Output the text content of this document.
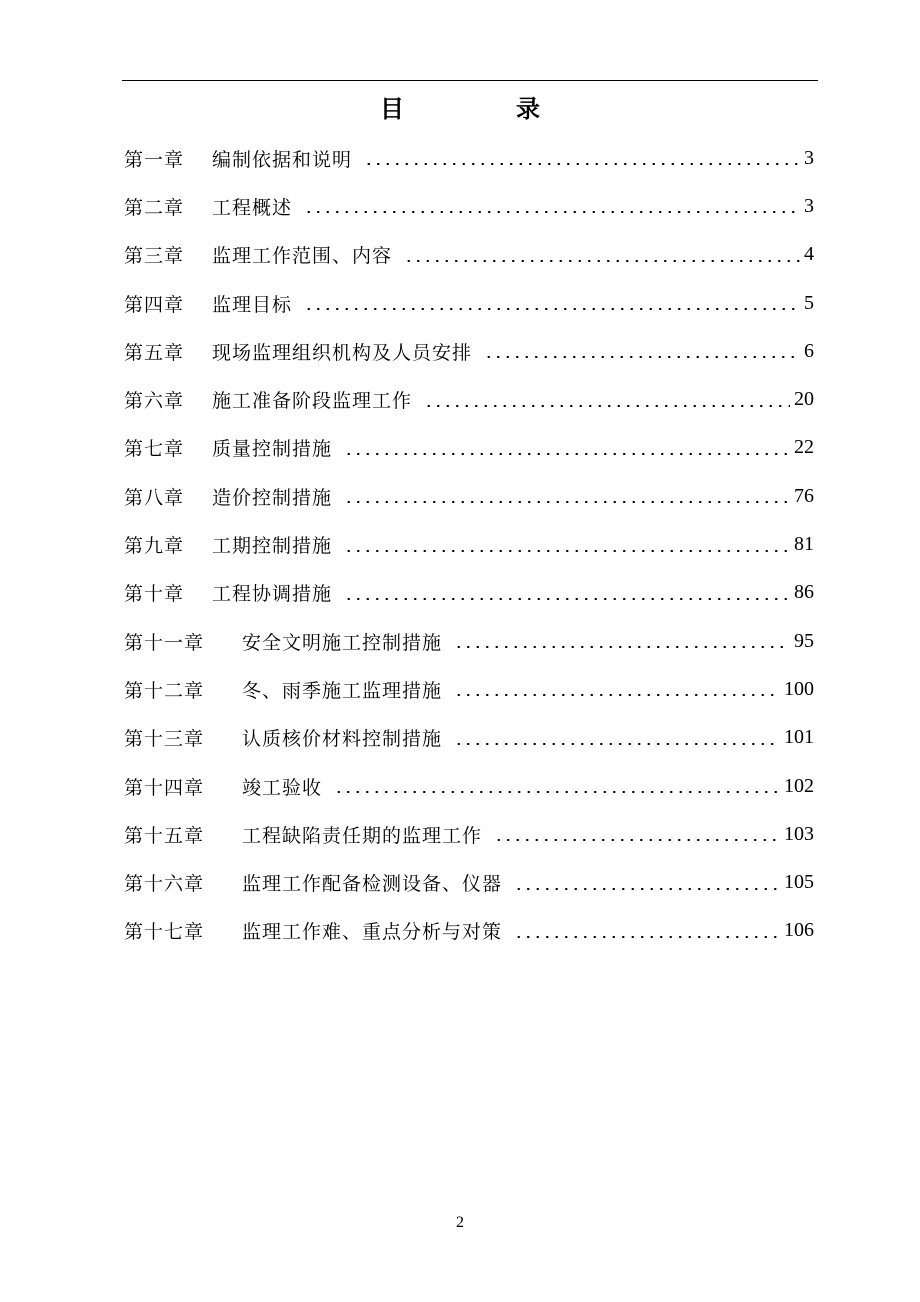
目　录
第一章	编制依据和说明	3
第二章	工程概述	3
第三章	监理工作范围、内容	4
第四章	监理目标	5
第五章	现场监理组织机构及人员安排	6
第六章	施工准备阶段监理工作	20
第七章	质量控制措施	22
第八章	造价控制措施	76
第九章	工期控制措施	81
第十章	工程协调措施	86
第十一章	安全文明施工控制措施	95
第十二章	冬、雨季施工监理措施	100
第十三章	认质核价材料控制措施	101
第十四章	竣工验收	102
第十五章	工程缺陷责任期的监理工作	103
第十六章	监理工作配备检测设备、仪器	105
第十七章	监理工作难、重点分析与对策	106
2
